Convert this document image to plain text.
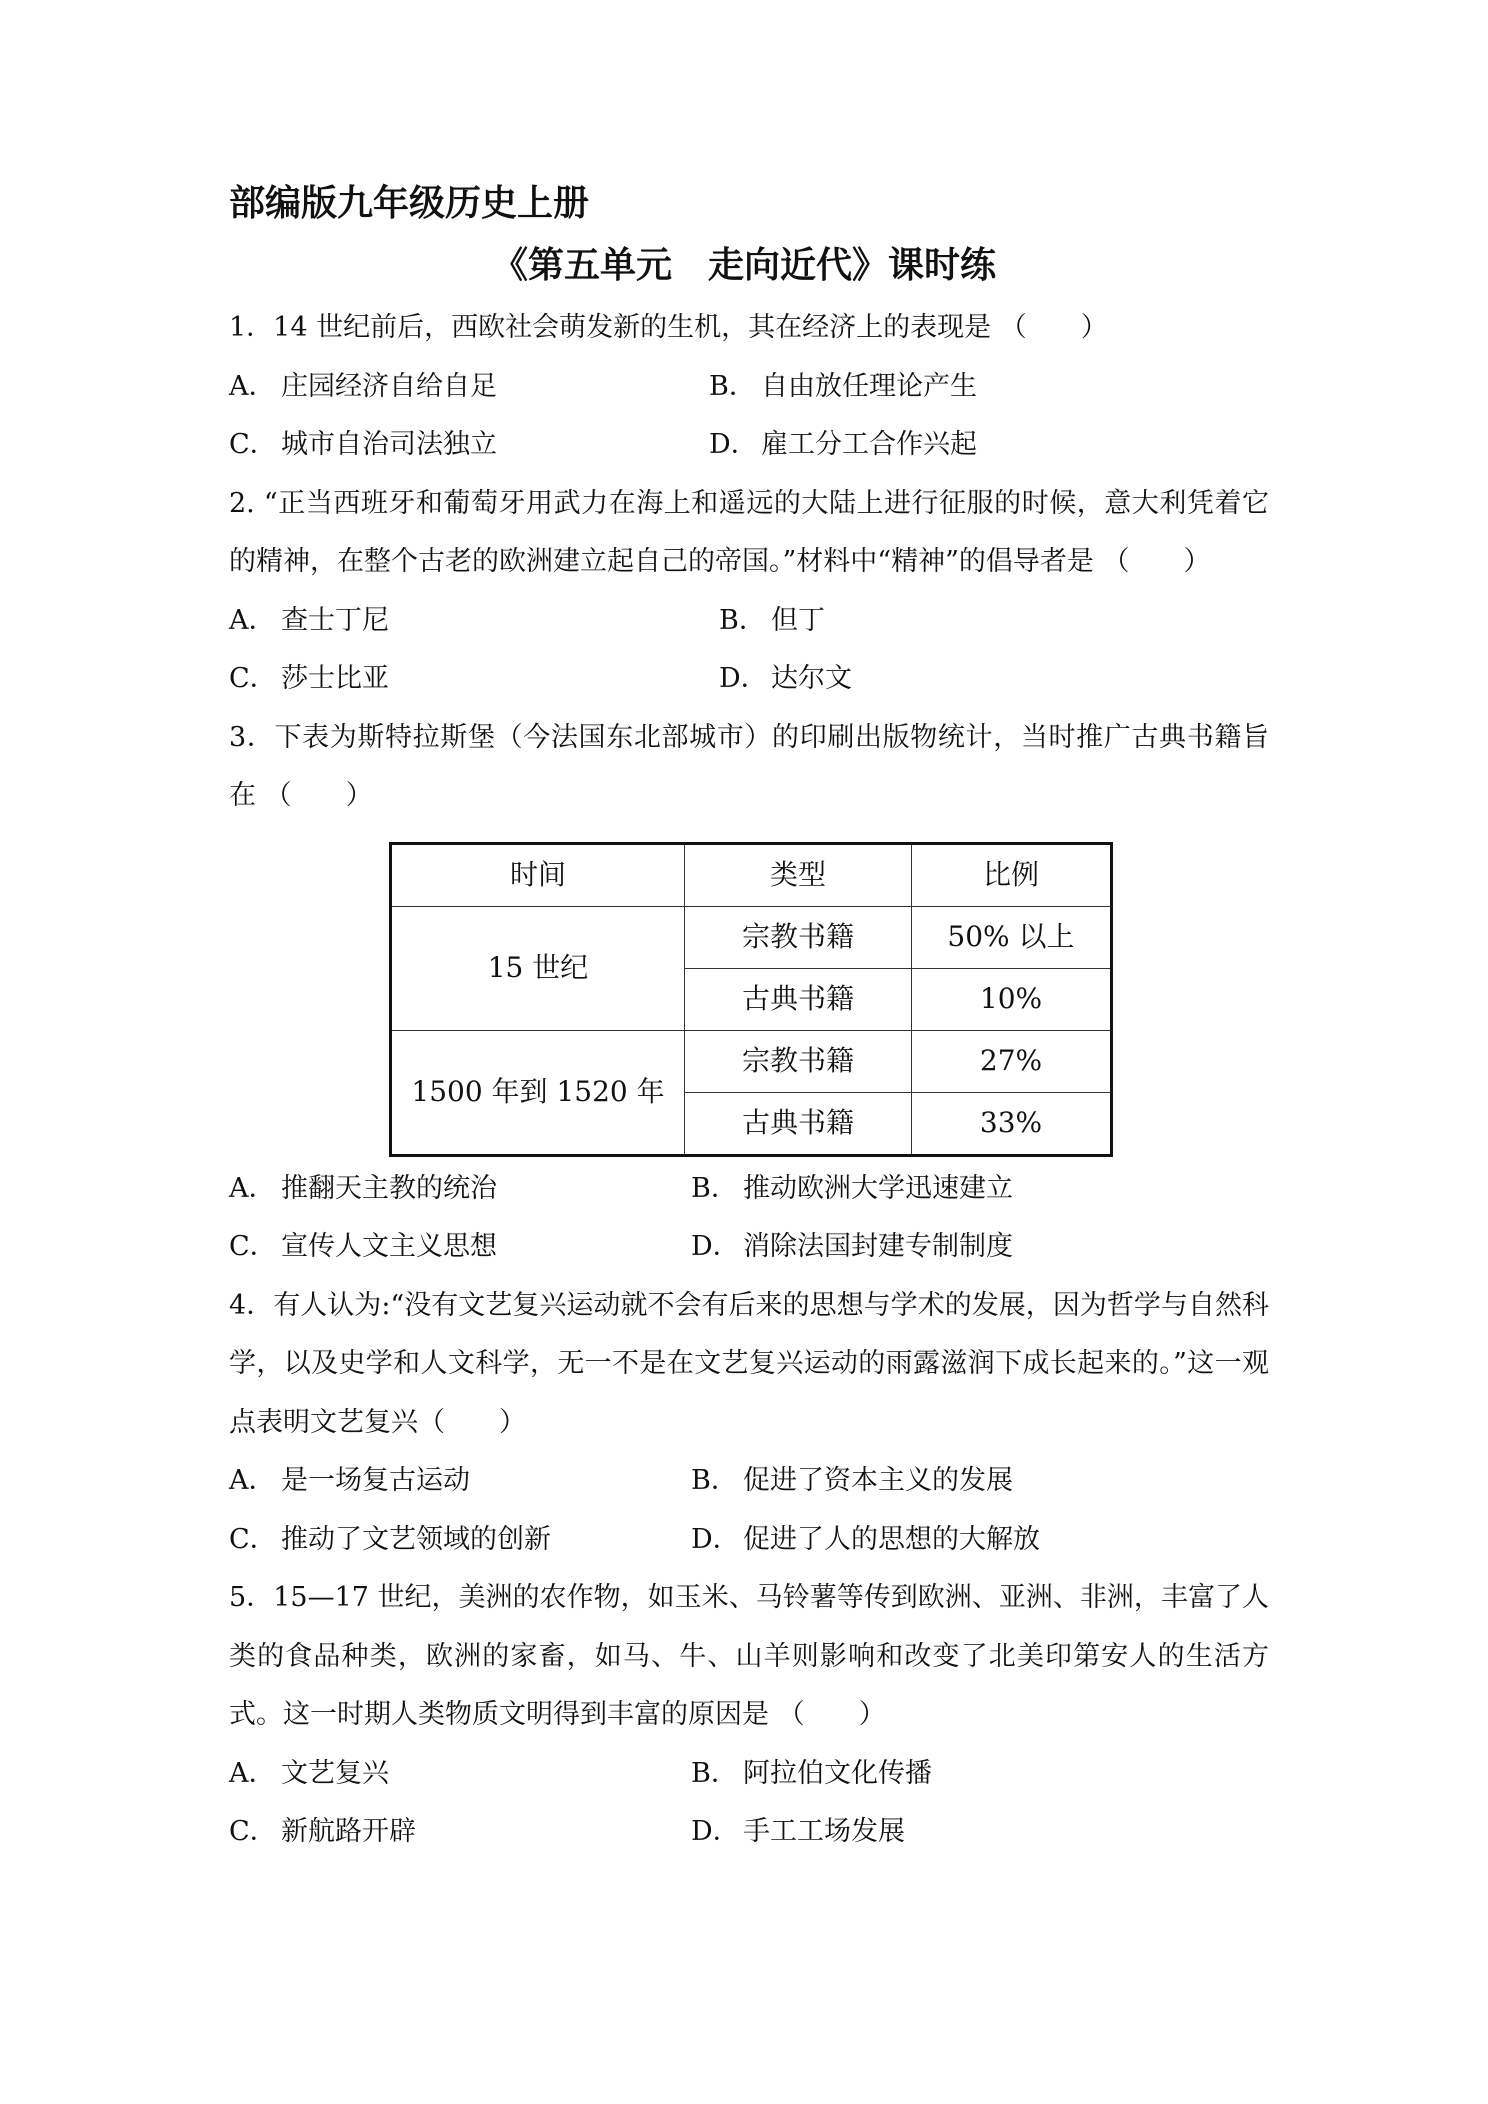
部编版九年级历史上册
《第五单元　走向近代》课时练

1．14 世纪前后，西欧社会萌发新的生机，其在经济上的表现是 （　　）

A． 庄园经济自给自足	B． 自由放任理论产生
C． 城市自治司法独立	D． 雇工分工合作兴起

2. “正当西班牙和葡萄牙用武力在海上和遥远的大陆上进行征服的时候，意大利凭着它的精神，在整个古老的欧洲建立起自己的帝国。”材料中“精神”的倡导者是 （　　）

A． 查士丁尼	B． 但丁
C． 莎士比亚	D． 达尔文

3．下表为斯特拉斯堡（今法国东北部城市）的印刷出版物统计，当时推广古典书籍旨在 （　　）

时间	类型	比例
15 世纪	宗教书籍	50% 以上
	古典书籍	10%
1500 年到 1520 年	宗教书籍	27%
	古典书籍	33%
A． 推翻天主教的统治	B． 推动欧洲大学迅速建立
C． 宣传人文主义思想	D． 消除法国封建专制制度

4．有人认为:“没有文艺复兴运动就不会有后来的思想与学术的发展，因为哲学与自然科学，以及史学和人文科学，无一不是在文艺复兴运动的雨露滋润下成长起来的。”这一观点表明文艺复兴（　　）

A． 是一场复古运动	B． 促进了资本主义的发展
C． 推动了文艺领域的创新	D． 促进了人的思想的大解放

5．15—17 世纪，美洲的农作物，如玉米、马铃薯等传到欧洲、亚洲、非洲，丰富了人类的食品种类，欧洲的家畜，如马、牛、山羊则影响和改变了北美印第安人的生活方式。这一时期人类物质文明得到丰富的原因是 （　　）

A． 文艺复兴	B． 阿拉伯文化传播
C． 新航路开辟	D． 手工工场发展
